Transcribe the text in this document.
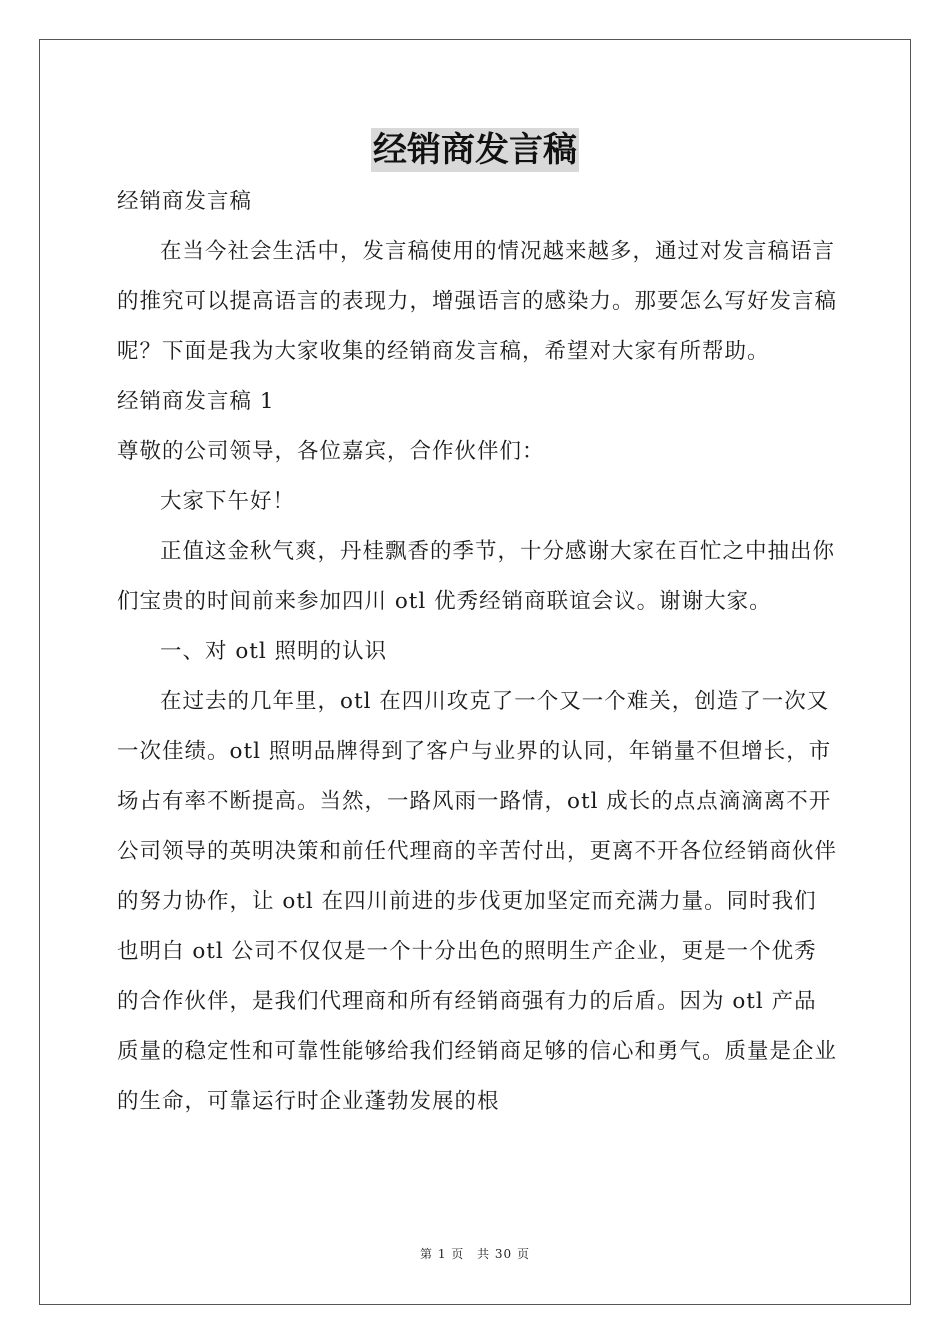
经销商发言稿

经销商发言稿

在当今社会生活中，发言稿使用的情况越来越多，通过对发言稿语言的推究可以提高语言的表现力，增强语言的感染力。那要怎么写好发言稿呢？下面是我为大家收集的经销商发言稿，希望对大家有所帮助。

经销商发言稿 1

尊敬的公司领导，各位嘉宾，合作伙伴们：

大家下午好！

正值这金秋气爽，丹桂飘香的季节，十分感谢大家在百忙之中抽出你们宝贵的时间前来参加四川 otl 优秀经销商联谊会议。谢谢大家。

一、对 otl 照明的认识

在过去的几年里，otl 在四川攻克了一个又一个难关，创造了一次又一次佳绩。otl 照明品牌得到了客户与业界的认同，年销量不但增长，市场占有率不断提高。当然，一路风雨一路情，otl 成长的点点滴滴离不开公司领导的英明决策和前任代理商的辛苦付出，更离不开各位经销商伙伴的努力协作，让 otl 在四川前进的步伐更加坚定而充满力量。同时我们也明白 otl 公司不仅仅是一个十分出色的照明生产企业，更是一个优秀的合作伙伴，是我们代理商和所有经销商强有力的后盾。因为 otl 产品质量的稳定性和可靠性能够给我们经销商足够的信心和勇气。质量是企业的生命，可靠运行时企业蓬勃发展的根

第 1 页 共 30 页
